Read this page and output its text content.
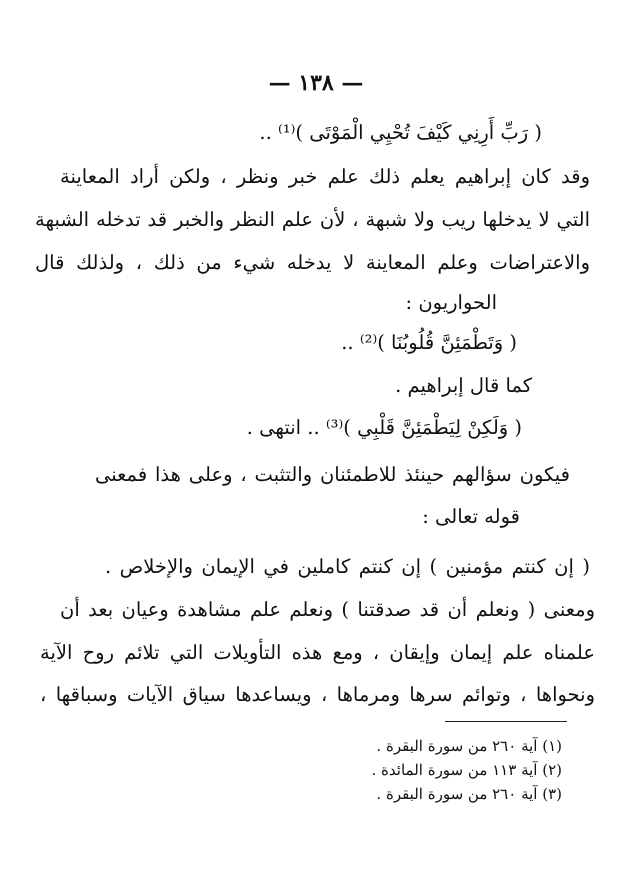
— ١٣٨ —
( رَبِّ أَرِنِي كَيْفَ تُحْيِي الْمَوْتَى )⁽¹⁾ ..
وقد كان إبراهيم يعلم ذلك علم خبر ونظر ، ولكن أراد المعاينة
التي لا يدخلها ريب ولا شبهة ، لأن علم النظر والخبر قد تدخله الشبهة
والاعتراضات وعلم المعاينة لا يدخله شيء من ذلك ، ولذلك قال
الحواريون :
( وَتَطْمَئِنَّ قُلُوبُنَا )⁽²⁾ ..
كما قال إبراهيم .
( وَلَكِنْ لِيَطْمَئِنَّ قَلْبِي )⁽³⁾ .. انتهى .
فيكون سؤالهم حينئذ للاطمئنان والتثبت ، وعلى هذا فمعنى
قوله تعالى :
( إن كنتم مؤمنين ) إن كنتم كاملين في الإيمان والإخلاص .
ومعنى ( ونعلم أن قد صدقتنا ) ونعلم علم مشاهدة وعيان بعد أن
علمناه علم إيمان وإيقان ، ومع هذه التأويلات التي تلائم روح الآية
ونحواها ، وتوائم سرها ومرماها ، ويساعدها سياق الآيات وسباقها ،
(١) آية ٢٦٠ من سورة البقرة .
(٢) آية ١١٣ من سورة المائدة .
(٣) آية ٢٦٠ من سورة البقرة .
